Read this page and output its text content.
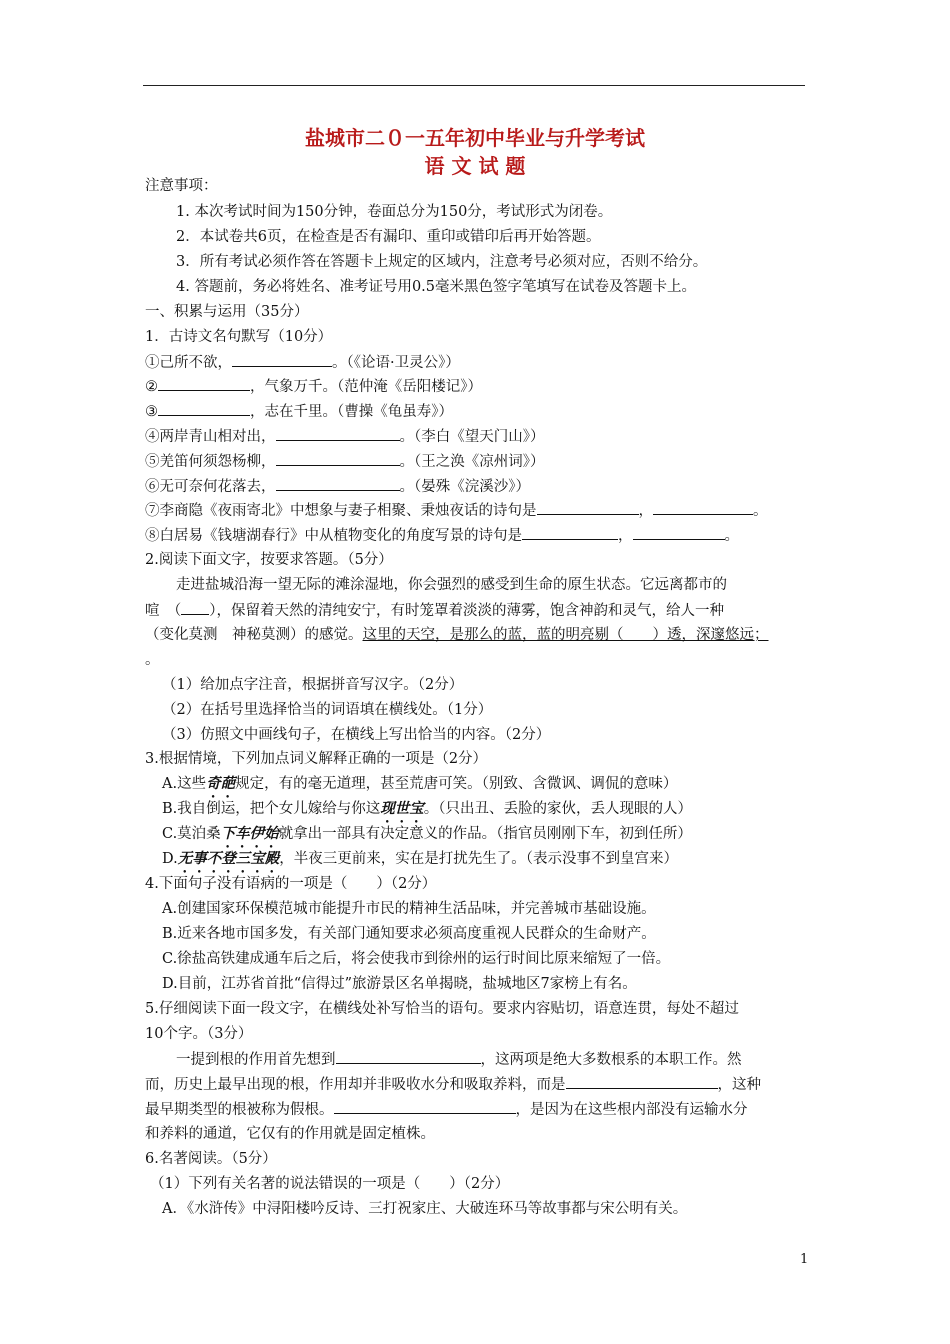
盐城市二０一五年初中毕业与升学考试
语 文 试 题
注意事项：
1. 本次考试时间为150分钟，卷面总分为150分，考试形式为闭卷。
2．本试卷共6页，在检查是否有漏印、重印或错印后再开始答题。
3．所有考试必须作答在答题卡上规定的区域内，注意考号必须对应，否则不给分。
4. 答题前，务必将姓名、准考证号用0.5毫米黑色签字笔填写在试卷及答题卡上。
一、积累与运用（35分）
1．古诗文名句默写（10分）
①己所不欲，	。（《论语·卫灵公》）
②	，气象万千。（范仲淹《岳阳楼记》）
③	，志在千里。（曹操《龟虽寿》）
④两岸青山相对出，	。（李白《望天门山》）
⑤羌笛何须怨杨柳，	。（王之涣《凉州词》）
⑥无可奈何花落去，	。（晏殊《浣溪沙》）
⑦李商隐《夜雨寄北》中想象与妻子相聚、秉烛夜话的诗句是	，	。
⑧白居易《钱塘湖春行》中从植物变化的角度写景的诗句是	，	。
2.阅读下面文字，按要求答题。（5分）
走进盐城沿海一望无际的滩涂湿地，你会强烈的感受到生命的原生状态。它远离都市的
喧　（ ），保留着天然的清纯安宁，有时笼罩着淡淡的薄雾，饱含神韵和灵气，给人一种
（变化莫测　神秘莫测）的感觉。这里的天空，是那么的蓝，蓝的明亮剔（　　）透，深邃悠远；
。
（1）给加点字注音，根据拼音写汉字。（2分）
（2）在括号里选择恰当的词语填在横线处。（1分）
（3）仿照文中画线句子，在横线上写出恰当的内容。（2分）
3.根据情境，下列加点词义解释正确的一项是（2分）
A.这些奇葩规定，有的毫无道理，甚至荒唐可笑。（别致、含微讽、调侃的意味）
B.我自倒运，把个女儿嫁给与你这现世宝。（只出丑、丢脸的家伙，丢人现眼的人）
C.莫泊桑下车伊始就拿出一部具有决定意义的作品。（指官员刚刚下车，初到任所）
D.无事不登三宝殿，半夜三更前来，实在是打扰先生了。（表示没事不到皇宫来）
4.下面句子没有语病的一项是（　　）（2分）
A.创建国家环保模范城市能提升市民的精神生活品味，并完善城市基础设施。
B.近来各地市国多发，有关部门通知要求必须高度重视人民群众的生命财产。
C.徐盐高铁建成通车后之后，将会使我市到徐州的运行时间比原来缩短了一倍。
D.目前，江苏省首批“信得过”旅游景区名单揭晓，盐城地区7家榜上有名。
5.仔细阅读下面一段文字，在横线处补写恰当的语句。要求内容贴切，语意连贯，每处不超过
10个字。（3分）
一提到根的作用首先想到	，这两项是绝大多数根系的本职工作。然
而，历史上最早出现的根，作用却并非吸收水分和吸取养料，而是	，这种
最早期类型的根被称为假根。	，是因为在这些根内部没有运输水分
和养料的通道，它仅有的作用就是固定植株。
6.名著阅读。（5分）
（1）下列有关名著的说法错误的一项是（　　）（2分）
A．《水浒传》中浔阳楼吟反诗、三打祝家庄、大破连环马等故事都与宋公明有关。
1
